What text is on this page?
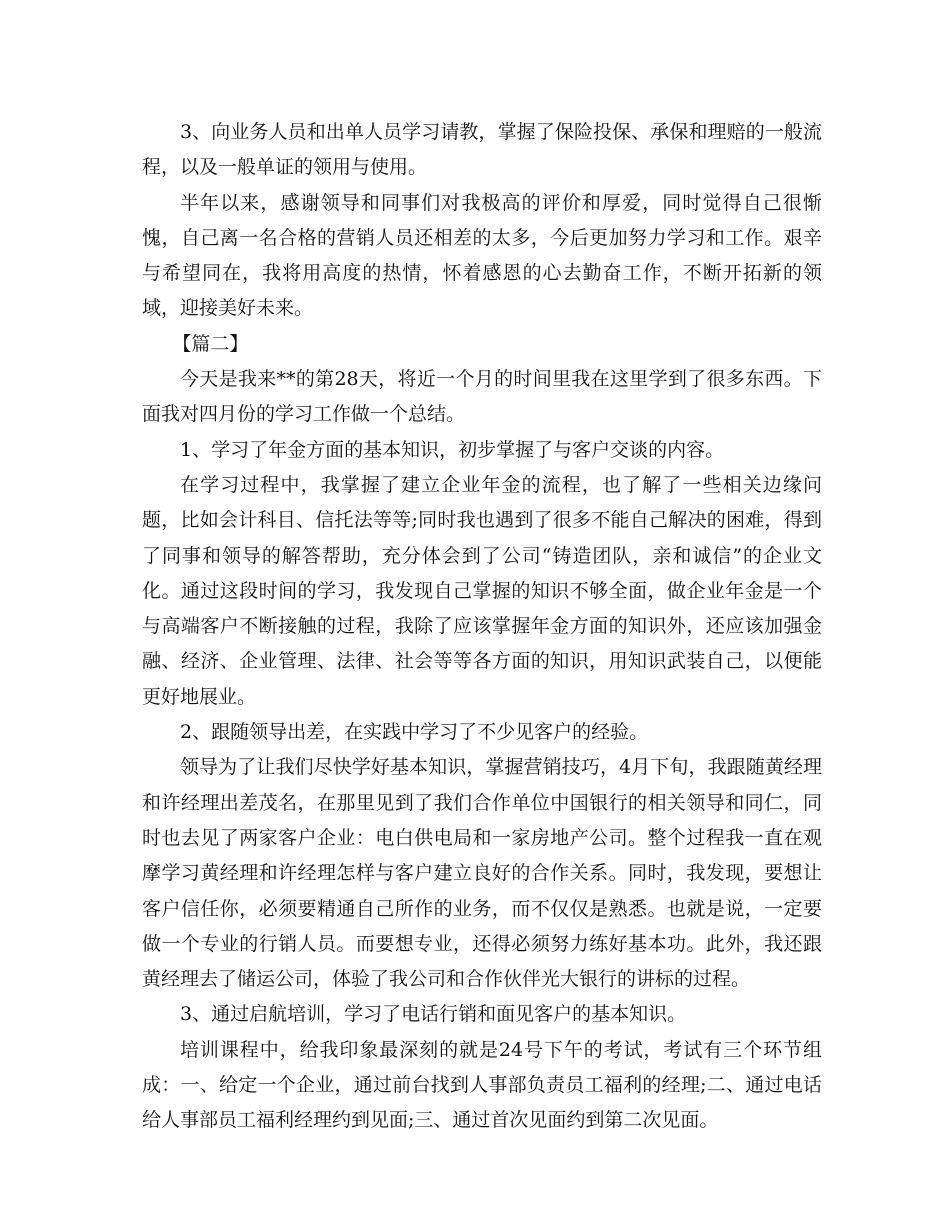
3、向业务人员和出单人员学习请教，掌握了保险投保、承保和理赔的一般流程，以及一般单证的领用与使用。

半年以来，感谢领导和同事们对我极高的评价和厚爱，同时觉得自己很惭愧，自己离一名合格的营销人员还相差的太多，今后更加努力学习和工作。艰辛与希望同在，我将用高度的热情，怀着感恩的心去勤奋工作，不断开拓新的领域，迎接美好未来。

【篇二】

今天是我来**的第28天，将近一个月的时间里我在这里学到了很多东西。下面我对四月份的学习工作做一个总结。

1、学习了年金方面的基本知识，初步掌握了与客户交谈的内容。

在学习过程中，我掌握了建立企业年金的流程，也了解了一些相关边缘问题，比如会计科目、信托法等等;同时我也遇到了很多不能自己解决的困难，得到了同事和领导的解答帮助，充分体会到了公司“铸造团队，亲和诚信”的企业文化。通过这段时间的学习，我发现自己掌握的知识不够全面，做企业年金是一个与高端客户不断接触的过程，我除了应该掌握年金方面的知识外，还应该加强金融、经济、企业管理、法律、社会等等各方面的知识，用知识武装自己，以便能更好地展业。

2、跟随领导出差，在实践中学习了不少见客户的经验。

领导为了让我们尽快学好基本知识，掌握营销技巧，4月下旬，我跟随黄经理和许经理出差茂名，在那里见到了我们合作单位中国银行的相关领导和同仁，同时也去见了两家客户企业：电白供电局和一家房地产公司。整个过程我一直在观摩学习黄经理和许经理怎样与客户建立良好的合作关系。同时，我发现，要想让客户信任你，必须要精通自己所作的业务，而不仅仅是熟悉。也就是说，一定要做一个专业的行销人员。而要想专业，还得必须努力练好基本功。此外，我还跟黄经理去了储运公司，体验了我公司和合作伙伴光大银行的讲标的过程。

3、通过启航培训，学习了电话行销和面见客户的基本知识。

培训课程中，给我印象最深刻的就是24号下午的考试，考试有三个环节组成：一、给定一个企业，通过前台找到人事部负责员工福利的经理;二、通过电话给人事部员工福利经理约到见面;三、通过首次见面约到第二次见面。
